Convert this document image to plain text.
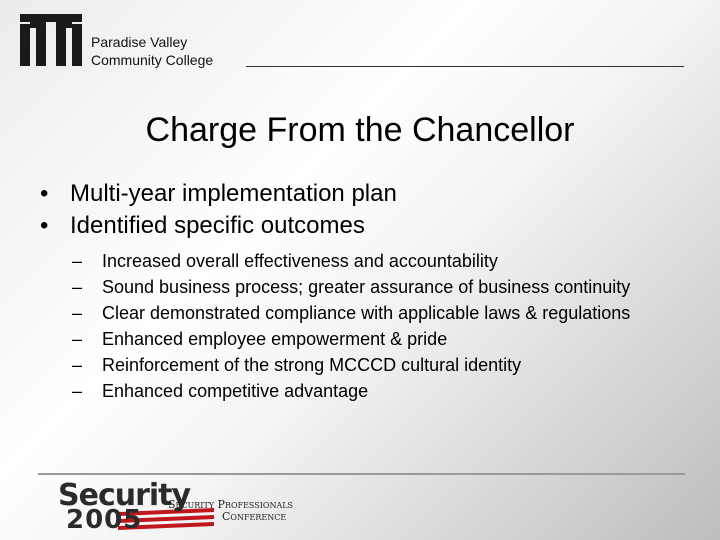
Paradise Valley
Community College
Charge From the Chancellor
• Multi-year implementation plan
• Identified specific outcomes
– Increased overall effectiveness and accountability
– Sound business process; greater assurance of business continuity
– Clear demonstrated compliance with applicable laws & regulations
– Enhanced employee empowerment & pride
– Reinforcement of the strong MCCCD cultural identity
– Enhanced competitive advantage
Security
2005
Security Professionals
Conference
